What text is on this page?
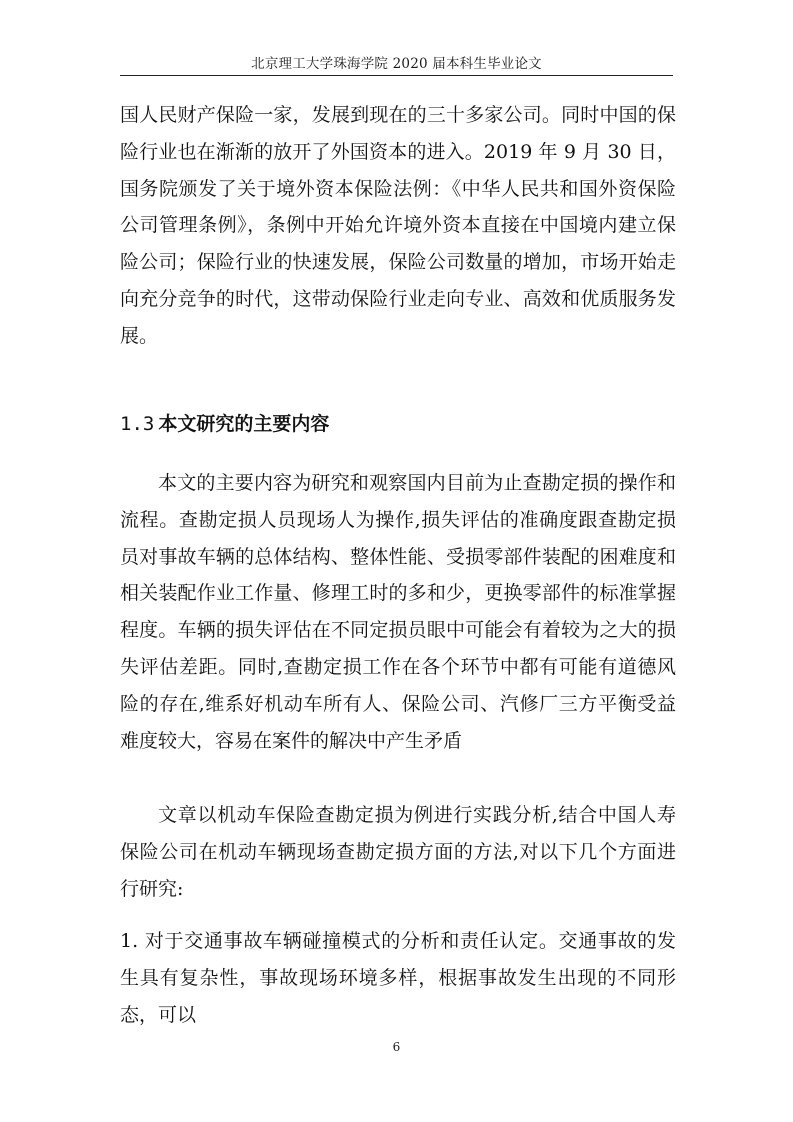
北京理工大学珠海学院 2020 届本科生毕业论文

国人民财产保险一家，发展到现在的三十多家公司。同时中国的保险行业也在渐渐的放开了外国资本的进入。2019 年 9 月 30 日，国务院颁发了关于境外资本保险法例：《中华人民共和国外资保险公司管理条例》，条例中开始允许境外资本直接在中国境内建立保险公司；保险行业的快速发展，保险公司数量的增加，市场开始走向充分竞争的时代，这带动保险行业走向专业、高效和优质服务发展。

1.3 本文研究的主要内容

本文的主要内容为研究和观察国内目前为止查勘定损的操作和流程。查勘定损人员现场人为操作,损失评估的准确度跟查勘定损员对事故车辆的总体结构、整体性能、受损零部件装配的困难度和相关装配作业工作量、修理工时的多和少，更换零部件的标准掌握程度。车辆的损失评估在不同定损员眼中可能会有着较为之大的损失评估差距。同时,查勘定损工作在各个环节中都有可能有道德风险的存在,维系好机动车所有人、保险公司、汽修厂三方平衡受益难度较大，容易在案件的解决中产生矛盾

文章以机动车保险查勘定损为例进行实践分析,结合中国人寿保险公司在机动车辆现场查勘定损方面的方法,对以下几个方面进行研究:

1. 对于交通事故车辆碰撞模式的分析和责任认定。交通事故的发生具有复杂性，事故现场环境多样，根据事故发生出现的不同形态，可以

6
